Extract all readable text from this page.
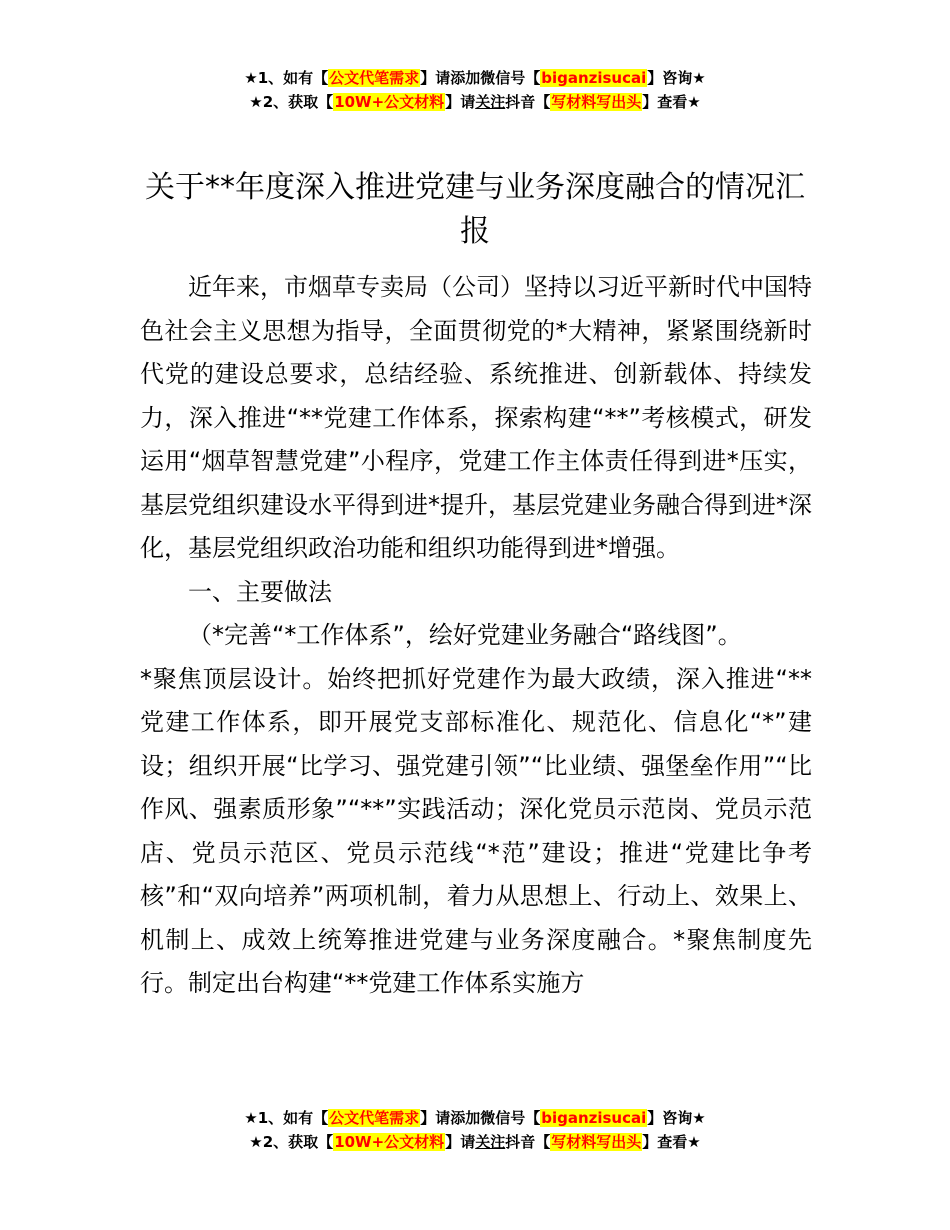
★1、如有【公文代笔需求】请添加微信号【biganzisucai】咨询★
★2、获取【10W+公文材料】请关注抖音【写材料写出头】查看★
关于**年度深入推进党建与业务深度融合的情况汇报

近年来，市烟草专卖局（公司）坚持以习近平新时代中国特色社会主义思想为指导，全面贯彻党的*大精神，紧紧围绕新时代党的建设总要求，总结经验、系统推进、创新载体、持续发力，深入推进“**党建工作体系，探索构建“**”考核模式，研发运用“烟草智慧党建”小程序，党建工作主体责任得到进*压实，基层党组织建设水平得到进*提升，基层党建业务融合得到进*深化，基层党组织政治功能和组织功能得到进*增强。

一、主要做法

（*完善“*工作体系”，绘好党建业务融合“路线图”。

*聚焦顶层设计。始终把抓好党建作为最大政绩，深入推进“**党建工作体系，即开展党支部标准化、规范化、信息化“*”建设；组织开展“比学习、强党建引领”“比业绩、强堡垒作用”“比作风、强素质形象”“**”实践活动；深化党员示范岗、党员示范店、党员示范区、党员示范线“*范”建设；推进“党建比争考核”和“双向培养”两项机制，着力从思想上、行动上、效果上、机制上、成效上统筹推进党建与业务深度融合。*聚焦制度先行。制定出台构建“**党建工作体系实施方

★1、如有【公文代笔需求】请添加微信号【biganzisucai】咨询★
★2、获取【10W+公文材料】请关注抖音【写材料写出头】查看★
